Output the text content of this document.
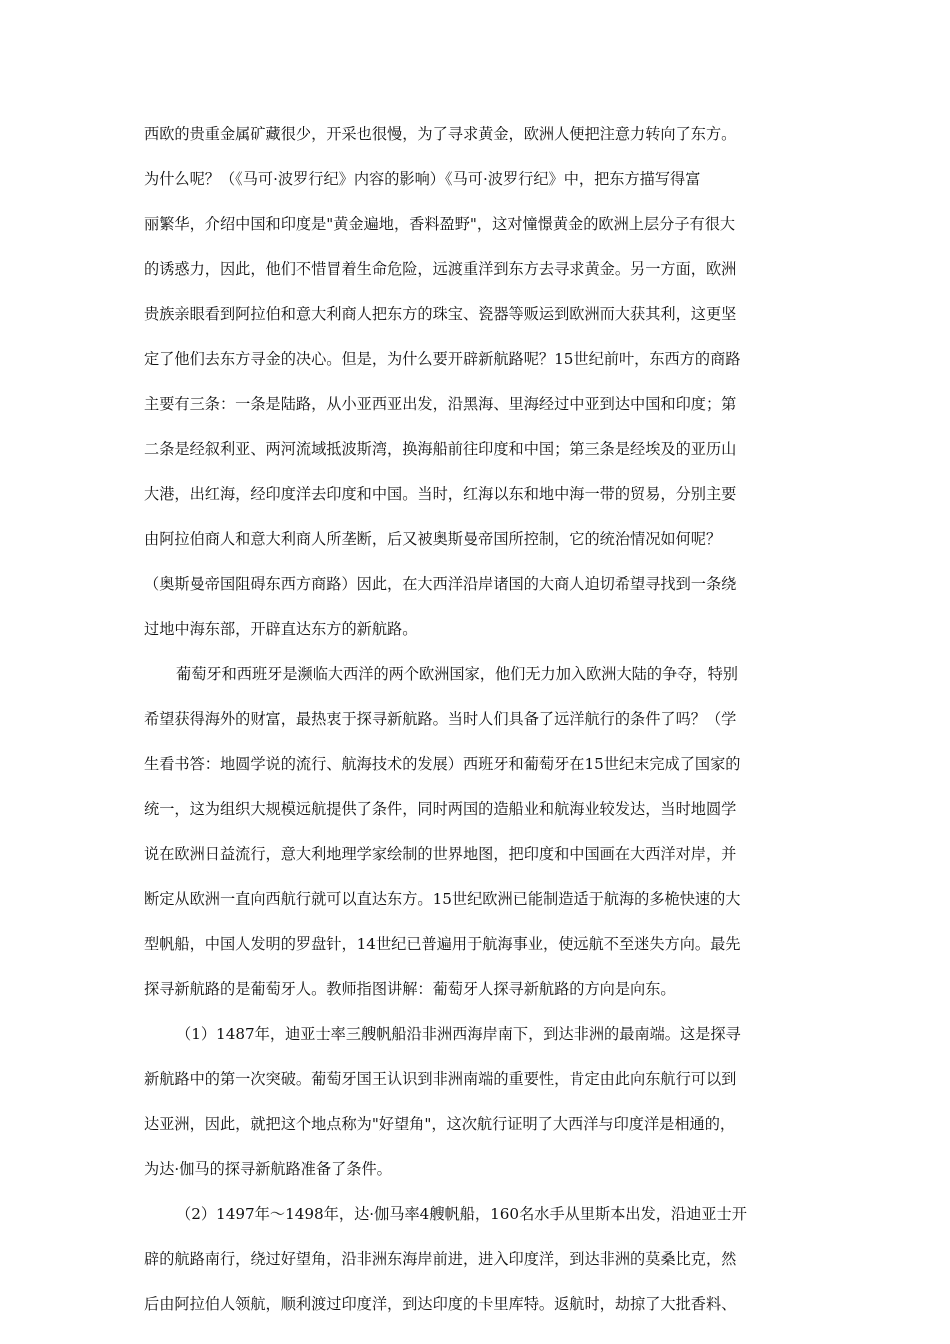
西欧的贵重金属矿藏很少，开采也很慢，为了寻求黄金，欧洲人便把注意力转向了东方。
为什么呢？（《马可·波罗行纪》内容的影响）《马可·波罗行纪》中，把东方描写得富
丽繁华，介绍中国和印度是"黄金遍地，香料盈野"，这对憧憬黄金的欧洲上层分子有很大
的诱惑力，因此，他们不惜冒着生命危险，远渡重洋到东方去寻求黄金。另一方面，欧洲
贵族亲眼看到阿拉伯和意大利商人把东方的珠宝、瓷器等贩运到欧洲而大获其利，这更坚
定了他们去东方寻金的决心。但是，为什么要开辟新航路呢？15世纪前叶，东西方的商路
主要有三条：一条是陆路，从小亚西亚出发，沿黑海、里海经过中亚到达中国和印度；第
二条是经叙利亚、两河流域抵波斯湾，换海船前往印度和中国；第三条是经埃及的亚历山
大港，出红海，经印度洋去印度和中国。当时，红海以东和地中海一带的贸易，分别主要
由阿拉伯商人和意大利商人所垄断，后又被奥斯曼帝国所控制，它的统治情况如何呢？
（奥斯曼帝国阻碍东西方商路）因此，在大西洋沿岸诸国的大商人迫切希望寻找到一条绕
过地中海东部，开辟直达东方的新航路。
葡萄牙和西班牙是濒临大西洋的两个欧洲国家，他们无力加入欧洲大陆的争夺，特别
希望获得海外的财富，最热衷于探寻新航路。当时人们具备了远洋航行的条件了吗？（学
生看书答：地圆学说的流行、航海技术的发展）西班牙和葡萄牙在15世纪末完成了国家的
统一，这为组织大规模远航提供了条件，同时两国的造船业和航海业较发达，当时地圆学
说在欧洲日益流行，意大利地理学家绘制的世界地图，把印度和中国画在大西洋对岸，并
断定从欧洲一直向西航行就可以直达东方。15世纪欧洲已能制造适于航海的多桅快速的大
型帆船，中国人发明的罗盘针，14世纪已普遍用于航海事业，使远航不至迷失方向。最先
探寻新航路的是葡萄牙人。教师指图讲解：葡萄牙人探寻新航路的方向是向东。
（1）1487年，迪亚士率三艘帆船沿非洲西海岸南下，到达非洲的最南端。这是探寻
新航路中的第一次突破。葡萄牙国王认识到非洲南端的重要性，肯定由此向东航行可以到
达亚洲，因此，就把这个地点称为"好望角"，这次航行证明了大西洋与印度洋是相通的，
为达·伽马的探寻新航路准备了条件。
（2）1497年～1498年，达·伽马率4艘帆船，160名水手从里斯本出发，沿迪亚士开
辟的航路南行，绕过好望角，沿非洲东海岸前进，进入印度洋，到达非洲的莫桑比克，然
后由阿拉伯人领航，顺利渡过印度洋，到达印度的卡里库特。返航时，劫掠了大批香料、
